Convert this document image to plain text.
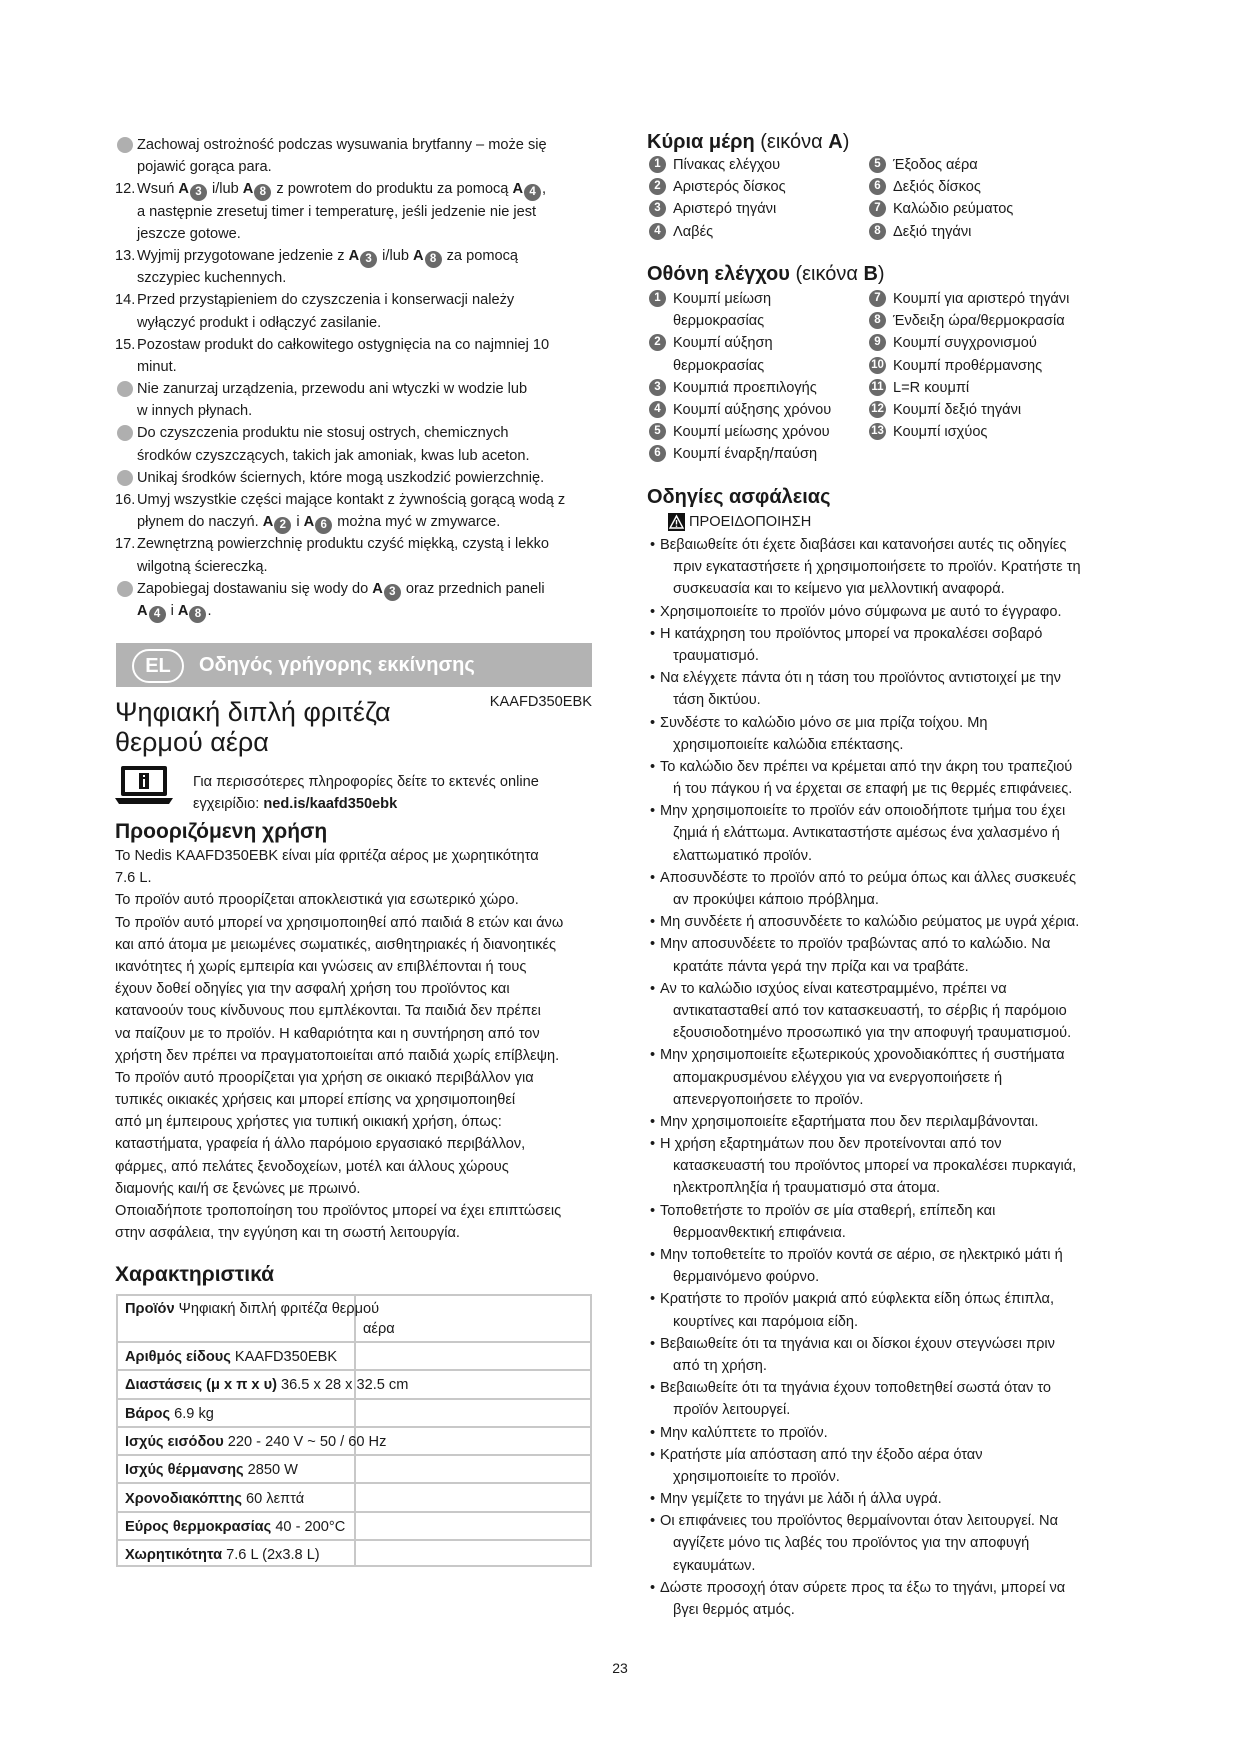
Zachowaj ostrożność podczas wysuwania brytfanny – może się
pojawić gorąca para.
Wsuń A 3 i/lub A 8 z powrotem do produktu za pomocą A 4 ,
12.
a następnie zresetuj timer i temperaturę, jeśli jedzenie nie jest
jeszcze gotowe.
Wyjmij przygotowane jedzenie z A 3 i/lub A 8 za pomocą
13.
szczypiec kuchennych.
Przed przystąpieniem do czyszczenia i konserwacji należy
14.
wyłączyć produkt i odłączyć zasilanie.
Pozostaw produkt do całkowitego ostygnięcia na co najmniej 10
15.
minut.
Nie zanurzaj urządzenia, przewodu ani wtyczki w wodzie lub
w innych płynach.
Do czyszczenia produktu nie stosuj ostrych, chemicznych
środków czyszczących, takich jak amoniak, kwas lub aceton.
Unikaj środków ściernych, które mogą uszkodzić powierzchnię.
Umyj wszystkie części mające kontakt z żywnością gorącą wodą z
16.
płynem do naczyń. A 2 i A 6 można myć w zmywarce.
Zewnętrzną powierzchnię produktu czyść miękką, czystą i lekko
17.
wilgotną ściereczką.
Zapobiegaj dostawaniu się wody do A 3 oraz przednich paneli
A 4 i A 8 .
EL	Οδηγός γρήγορης εκκίνησης
Ψηφιακή διπλή φριτέζα
θερμού αέρα
KAAFD350EBK
Για περισσότερες πληροφορίες δείτε το εκτενές online
εγχειρίδιο: ned.is/kaafd350ebk
Προοριζόμενη χρήση
Το Nedis KAAFD350EBK είναι μία φριτέζα αέρος με χωρητικότητα
7.6 L.
Το προϊόν αυτό προορίζεται αποκλειστικά για εσωτερικό χώρο.
Το προϊόν αυτό μπορεί να χρησιμοποιηθεί από παιδιά 8 ετών και άνω
και από άτομα με μειωμένες σωματικές, αισθητηριακές ή διανοητικές
ικανότητες ή χωρίς εμπειρία και γνώσεις αν επιβλέπονται ή τους
έχουν δοθεί οδηγίες για την ασφαλή χρήση του προϊόντος και
κατανοούν τους κίνδυνους που εμπλέκονται. Τα παιδιά δεν πρέπει
να παίζουν με το προϊόν. Η καθαριότητα και η συντήρηση από τον
χρήστη δεν πρέπει να πραγματοποιείται από παιδιά χωρίς επίβλεψη.
Το προϊόν αυτό προορίζεται για χρήση σε οικιακό περιβάλλον για
τυπικές οικιακές χρήσεις και μπορεί επίσης να χρησιμοποιηθεί
από μη έμπειρους χρήστες για τυπική οικιακή χρήση, όπως:
καταστήματα, γραφεία ή άλλο παρόμοιο εργασιακό περιβάλλον,
φάρμες, από πελάτες ξενοδοχείων, μοτέλ και άλλους χώρους
διαμονής και/ή σε ξενώνες με πρωινό.
Οποιαδήποτε τροποποίηση του προϊόντος μπορεί να έχει επιπτώσεις
στην ασφάλεια, την εγγύηση και τη σωστή λειτουργία.
Χαρακτηριστικά
Προϊόν Ψηφιακή διπλή φριτέζα θερμού
αέρα
Αριθμός είδους KAAFD350EBK
Διαστάσεις (μ x π x υ) 36.5 x 28 x 32.5 cm
Βάρος 6.9 kg
Ισχύς εισόδου 220 - 240 V ~ 50 / 60 Hz
Ισχύς θέρμανσης 2850 W
Χρονοδιακόπτης 60 λεπτά
Εύρος θερμοκρασίας 40 - 200°C
Χωρητικότητα 7.6 L (2x3.8 L)
Κύρια μέρη (εικόνα A)
1 Πίνακας ελέγχου
2 Αριστερός δίσκος
3 Αριστερό τηγάνι
4 Λαβές
5 Έξοδος αέρα
6 Δεξιός δίσκος
7 Καλώδιο ρεύματος
8 Δεξιό τηγάνι
Οθόνη ελέγχου (εικόνα B)
1 Κουμπί μείωση
θερμοκρασίας
2 Κουμπί αύξηση
θερμοκρασίας
3 Κουμπιά προεπιλογής
4 Κουμπί αύξησης χρόνου
5 Κουμπί μείωσης χρόνου
6 Κουμπί έναρξη/παύση
7 Κουμπί για αριστερό τηγάνι
8 Ένδειξη ώρα/θερμοκρασία
9 Κουμπί συγχρονισμού
10 Κουμπί προθέρμανσης
11 L=R κουμπί
12 Κουμπί δεξιό τηγάνι
13 Κουμπί ισχύος
Οδηγίες ασφάλειας
ΠΡΟΕΙΔΟΠΟΙΗΣΗ
• Βεβαιωθείτε ότι έχετε διαβάσει και κατανοήσει αυτές τις οδηγίες
πριν εγκαταστήσετε ή χρησιμοποιήσετε το προϊόν. Κρατήστε τη
συσκευασία και το κείμενο για μελλοντική αναφορά.
• Χρησιμοποιείτε το προϊόν μόνο σύμφωνα με αυτό το έγγραφο.
• Η κατάχρηση του προϊόντος μπορεί να προκαλέσει σοβαρό
τραυματισμό.
• Να ελέγχετε πάντα ότι η τάση του προϊόντος αντιστοιχεί με την
τάση δικτύου.
• Συνδέστε το καλώδιο μόνο σε μια πρίζα τοίχου. Μη
χρησιμοποιείτε καλώδια επέκτασης.
• Το καλώδιο δεν πρέπει να κρέμεται από την άκρη του τραπεζιού
ή του πάγκου ή να έρχεται σε επαφή με τις θερμές επιφάνειες.
• Μην χρησιμοποιείτε το προϊόν εάν οποιοδήποτε τμήμα του έχει
ζημιά ή ελάττωμα. Αντικαταστήστε αμέσως ένα χαλασμένο ή
ελαττωματικό προϊόν.
• Αποσυνδέστε το προϊόν από το ρεύμα όπως και άλλες συσκευές
αν προκύψει κάποιο πρόβλημα.
• Μη συνδέετε ή αποσυνδέετε το καλώδιο ρεύματος με υγρά χέρια.
• Μην αποσυνδέετε το προϊόν τραβώντας από το καλώδιο. Να
κρατάτε πάντα γερά την πρίζα και να τραβάτε.
• Αν το καλώδιο ισχύος είναι κατεστραμμένο, πρέπει να
αντικατασταθεί από τον κατασκευαστή, το σέρβις ή παρόμοιο
εξουσιοδοτημένο προσωπικό για την αποφυγή τραυματισμού.
• Μην χρησιμοποιείτε εξωτερικούς χρονοδιακόπτες ή συστήματα
απομακρυσμένου ελέγχου για να ενεργοποιήσετε ή
απενεργοποιήσετε το προϊόν.
• Μην χρησιμοποιείτε εξαρτήματα που δεν περιλαμβάνονται.
• Η χρήση εξαρτημάτων που δεν προτείνονται από τον
κατασκευαστή του προϊόντος μπορεί να προκαλέσει πυρκαγιά,
ηλεκτροπληξία ή τραυματισμό στα άτομα.
• Τοποθετήστε το προϊόν σε μία σταθερή, επίπεδη και
θερμοανθεκτική επιφάνεια.
• Μην τοποθετείτε το προϊόν κοντά σε αέριο, σε ηλεκτρικό μάτι ή
θερμαινόμενο φούρνο.
• Κρατήστε το προϊόν μακριά από εύφλεκτα είδη όπως έπιπλα,
κουρτίνες και παρόμοια είδη.
• Βεβαιωθείτε ότι τα τηγάνια και οι δίσκοι έχουν στεγνώσει πριν
από τη χρήση.
• Βεβαιωθείτε ότι τα τηγάνια έχουν τοποθετηθεί σωστά όταν το
προϊόν λειτουργεί.
• Μην καλύπτετε το προϊόν.
• Κρατήστε μία απόσταση από την έξοδο αέρα όταν
χρησιμοποιείτε το προϊόν.
• Μην γεμίζετε το τηγάνι με λάδι ή άλλα υγρά.
• Οι επιφάνειες του προϊόντος θερμαίνονται όταν λειτουργεί. Να
αγγίζετε μόνο τις λαβές του προϊόντος για την αποφυγή
εγκαυμάτων.
• Δώστε προσοχή όταν σύρετε προς τα έξω το τηγάνι, μπορεί να
βγει θερμός ατμός.
23
